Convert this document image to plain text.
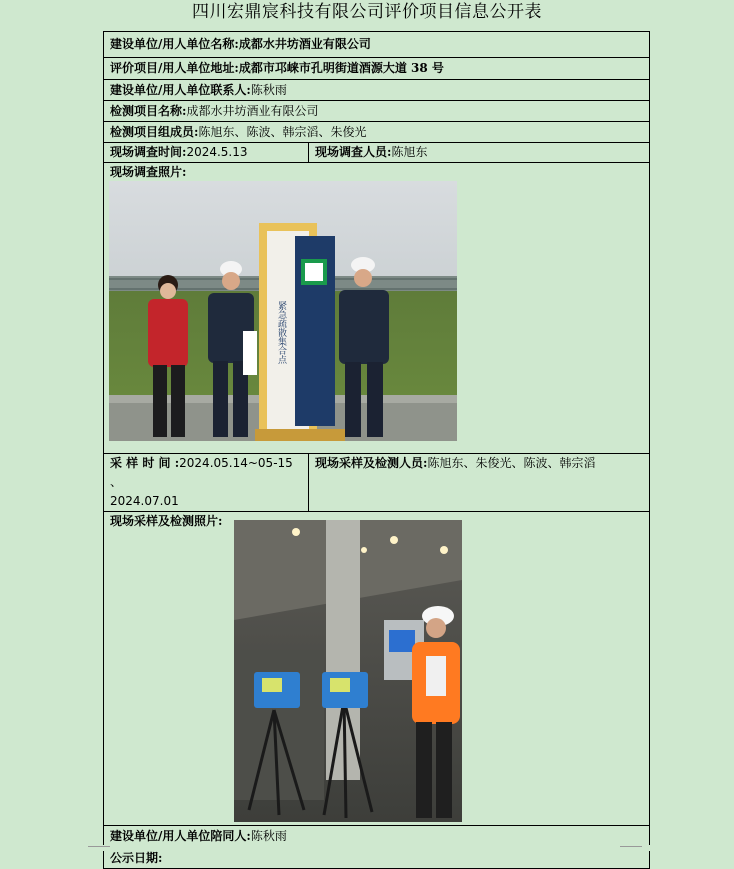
四川宏鼎宸科技有限公司评价项目信息公开表
建设单位/用人单位名称:成都水井坊酒业有限公司	
评价项目/用人单位地址:成都市邛崃市孔明街道酒源大道 38 号	
建设单位/用人单位联系人:陈秋雨	
检测项目名称:成都水井坊酒业有限公司	
检测项目组成员:陈旭东、陈波、韩宗滔、朱俊光	
现场调查时间:2024.5.13	现场调查人员:陈旭东

现场调查照片:
紧急疏散集合点	

采 样 时 间 :2024.05.14~05-15 、
2024.07.01	现场采样及检测人员:陈旭东、朱俊光、陈波、韩宗滔

现场采样及检测照片:	

建设单位/用人单位陪同人:陈秋雨	
公示日期:	
